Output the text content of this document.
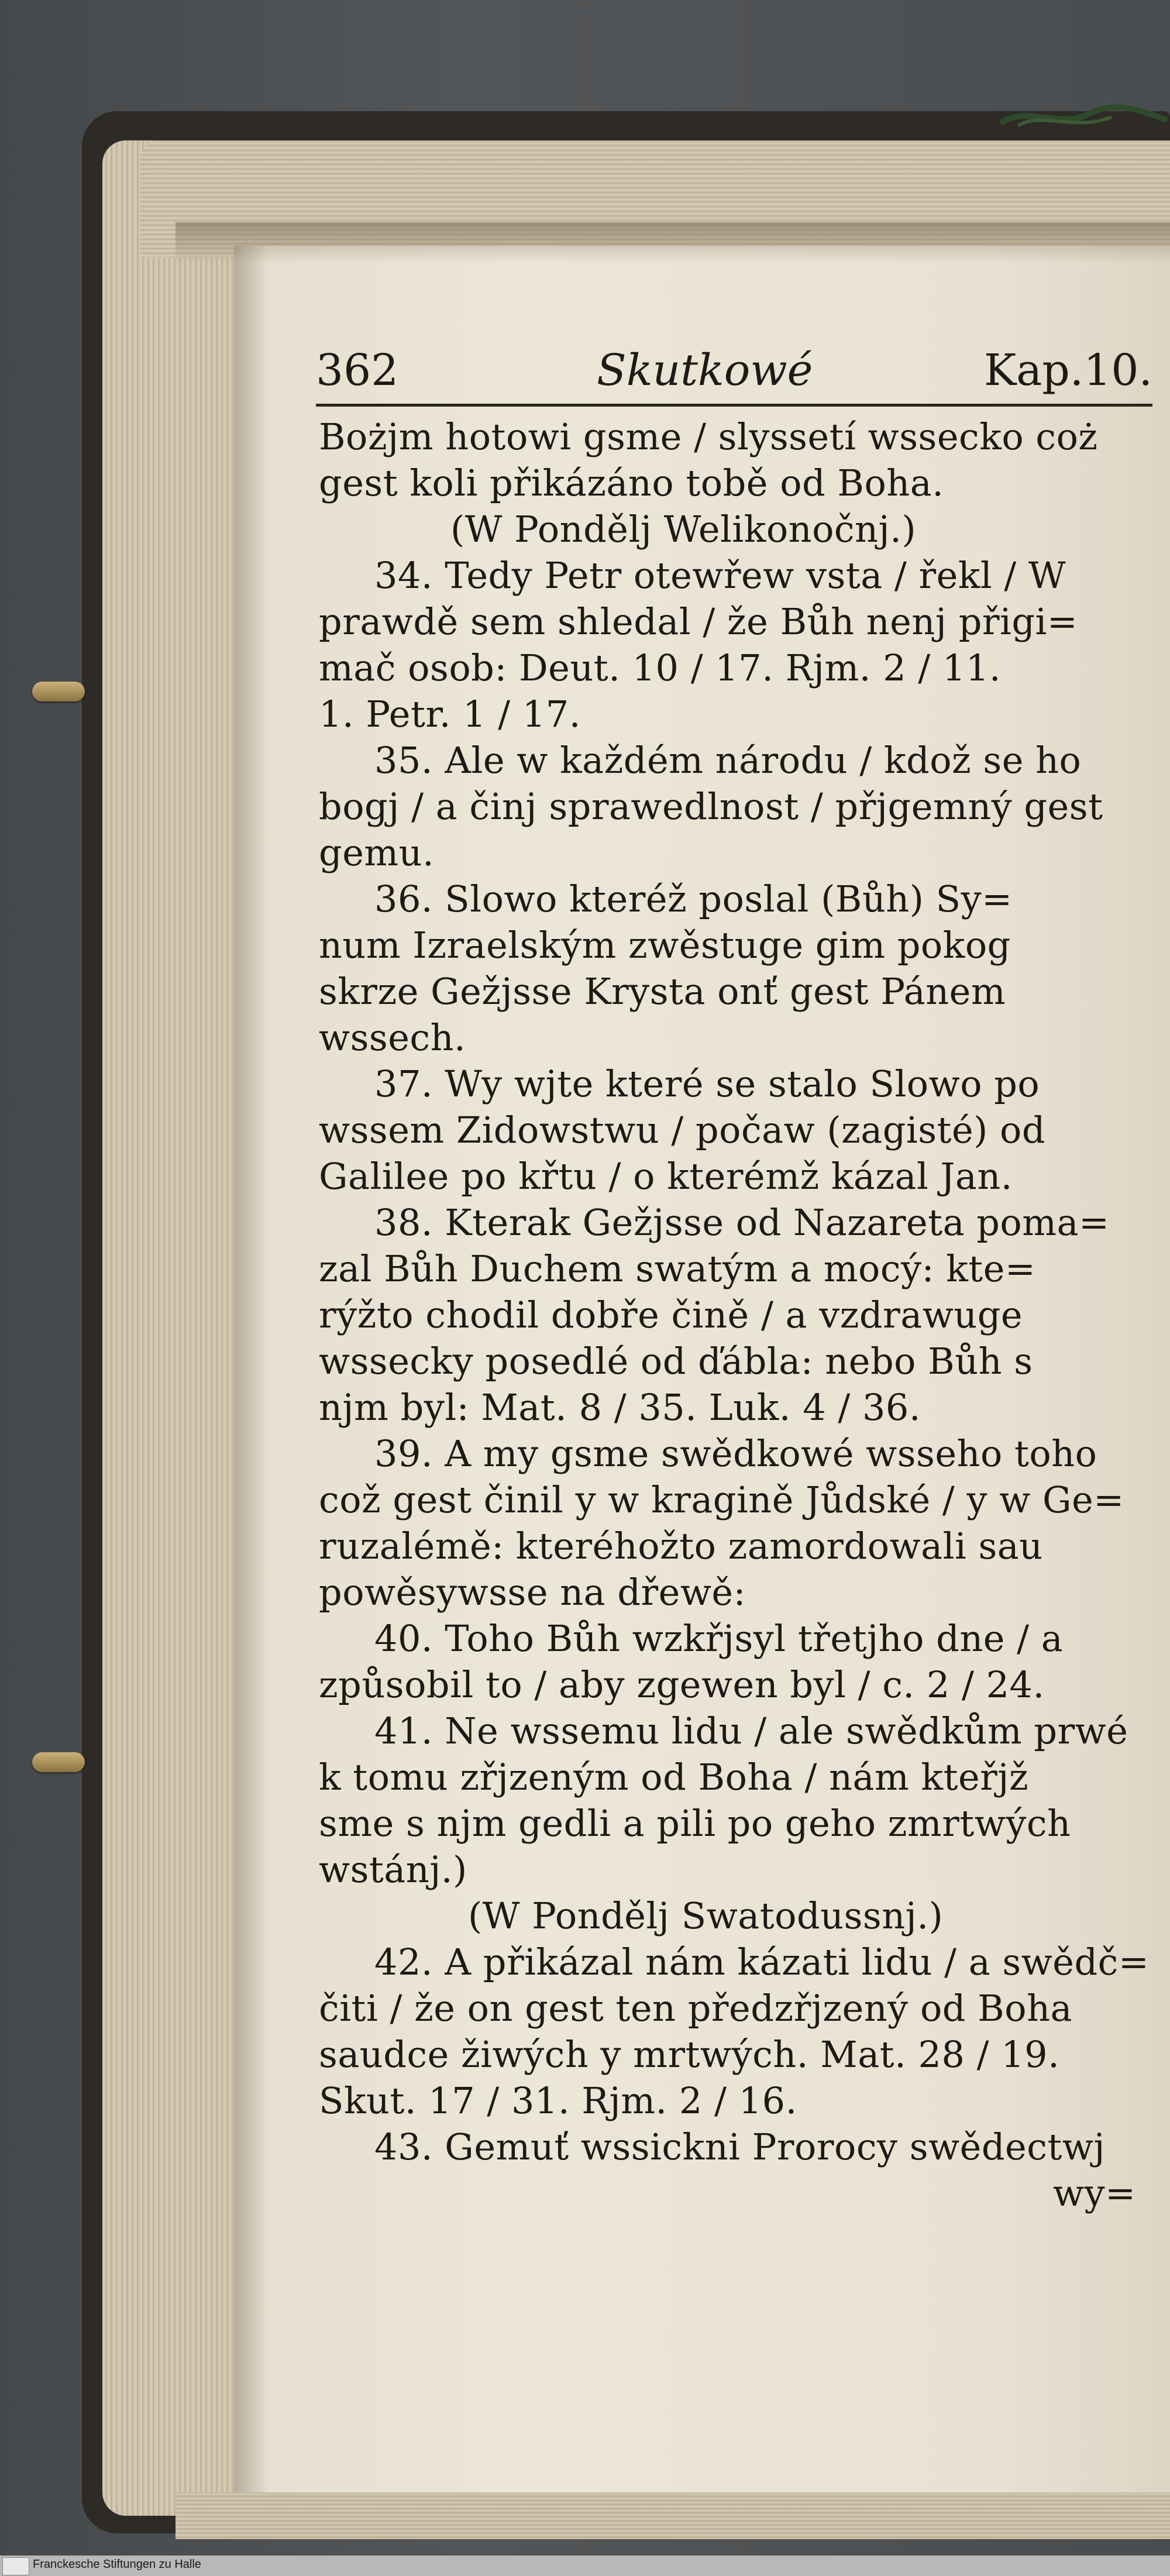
362	Skutkowé	Kap.10.
Bożjm hotowi gsme / slyssetí wssecko coż
gest koli přikázáno tobě od Boha.
(W Pondělj Welikonočnj.)
34. Tedy Petr otewřew vsta / řekl / W
prawdě sem shledal / že Bůh nenj přigi=
mač osob: Deut. 10 / 17. Rjm. 2 / 11.
1. Petr. 1 / 17.
35. Ale w každém národu / kdož se ho
bogj / a činj sprawedlnost / přjgemný gest
gemu.
36. Slowo kteréž poslal (Bůh) Sy=
num Izraelským zwěstuge gim pokog
skrze Gežjsse Krysta onť gest Pánem
wssech.
37. Wy wjte které se stalo Slowo po
wssem Zidowstwu / počaw (zagisté) od
Galilee po křtu / o kterémž kázal Jan.
38. Kterak Gežjsse od Nazareta poma=
zal Bůh Duchem swatým a mocý: kte=
rýžto chodil dobře čině / a vzdrawuge
wssecky posedlé od ďábla: nebo Bůh s
njm byl: Mat. 8 / 35. Luk. 4 / 36.
39. A my gsme swědkowé wsseho toho
což gest činil y w kragině Jůdské / y w Ge=
ruzalémě: kteréhožto zamordowali sau
powěsywsse na dřewě:
40. Toho Bůh wzkřjsyl třetjho dne / a
způsobil to / aby zgewen byl / c. 2 / 24.
41. Ne wssemu lidu / ale swědkům prwé
k tomu zřjzeným od Boha / nám kteřjž
sme s njm gedli a pili po geho zmrtwých
wstánj.)
(W Pondělj Swatodussnj.)
42. A přikázal nám kázati lidu / a swědč=
čiti / že on gest ten předzřjzený od Boha
saudce žiwých y mrtwých. Mat. 28 / 19.
Skut. 17 / 31. Rjm. 2 / 16.
43. Gemuť wssickni Prorocy swědectwj
wy=
Franckesche Stiftungen zu Halle
